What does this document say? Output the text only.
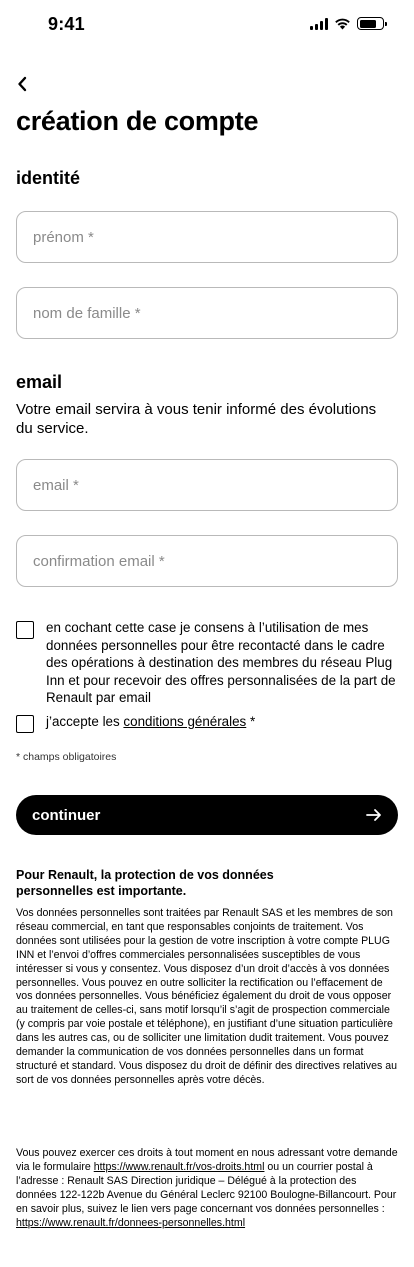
9:41
création de compte
identité
prénom *
nom de famille *
email

Votre email servira à vous tenir informé des évolutions du service.

email *
confirmation email *
en cochant cette case je consens à l’utilisation de mes données personnelles pour être recontacté dans le cadre des opérations à destination des membres du réseau Plug Inn et pour recevoir des offres personnalisées de la part de Renault par email
j’accepte les conditions générales *
* champs obligatoires
continuer
Pour Renault, la protection de vos données personnelles est importante.

Vos données personnelles sont traitées par Renault SAS et les membres de son réseau commercial, en tant que responsables conjoints de traitement. Vos données sont utilisées pour la gestion de votre inscription à votre compte PLUG INN et l’envoi d’offres commerciales personnalisées susceptibles de vous intéresser si vous y consentez. Vous disposez d’un droit d’accès à vos données personnelles. Vous pouvez en outre solliciter la rectification ou l’effacement de vos données personnelles. Vous bénéficiez également du droit de vous opposer au traitement de celles-ci, sans motif lorsqu’il s’agit de prospection commerciale (y compris par voie postale et téléphone), en justifiant d’une situation particulière dans les autres cas, ou de solliciter une limitation dudit traitement. Vous pouvez demander la communication de vos données personnelles dans un format structuré et standard. Vous disposez du droit de définir des directives relatives au sort de vos données personnelles après votre décès.

Vous pouvez exercer ces droits à tout moment en nous adressant votre demande via le formulaire https://www.renault.fr/vos-droits.html ou un courrier postal à l’adresse : Renault SAS Direction juridique – Délégué à la protection des données 122-122b Avenue du Général Leclerc 92100 Boulogne-Billancourt. Pour en savoir plus, suivez le lien vers page concernant vos données personnelles : https://www.renault.fr/donnees-personnelles.html
